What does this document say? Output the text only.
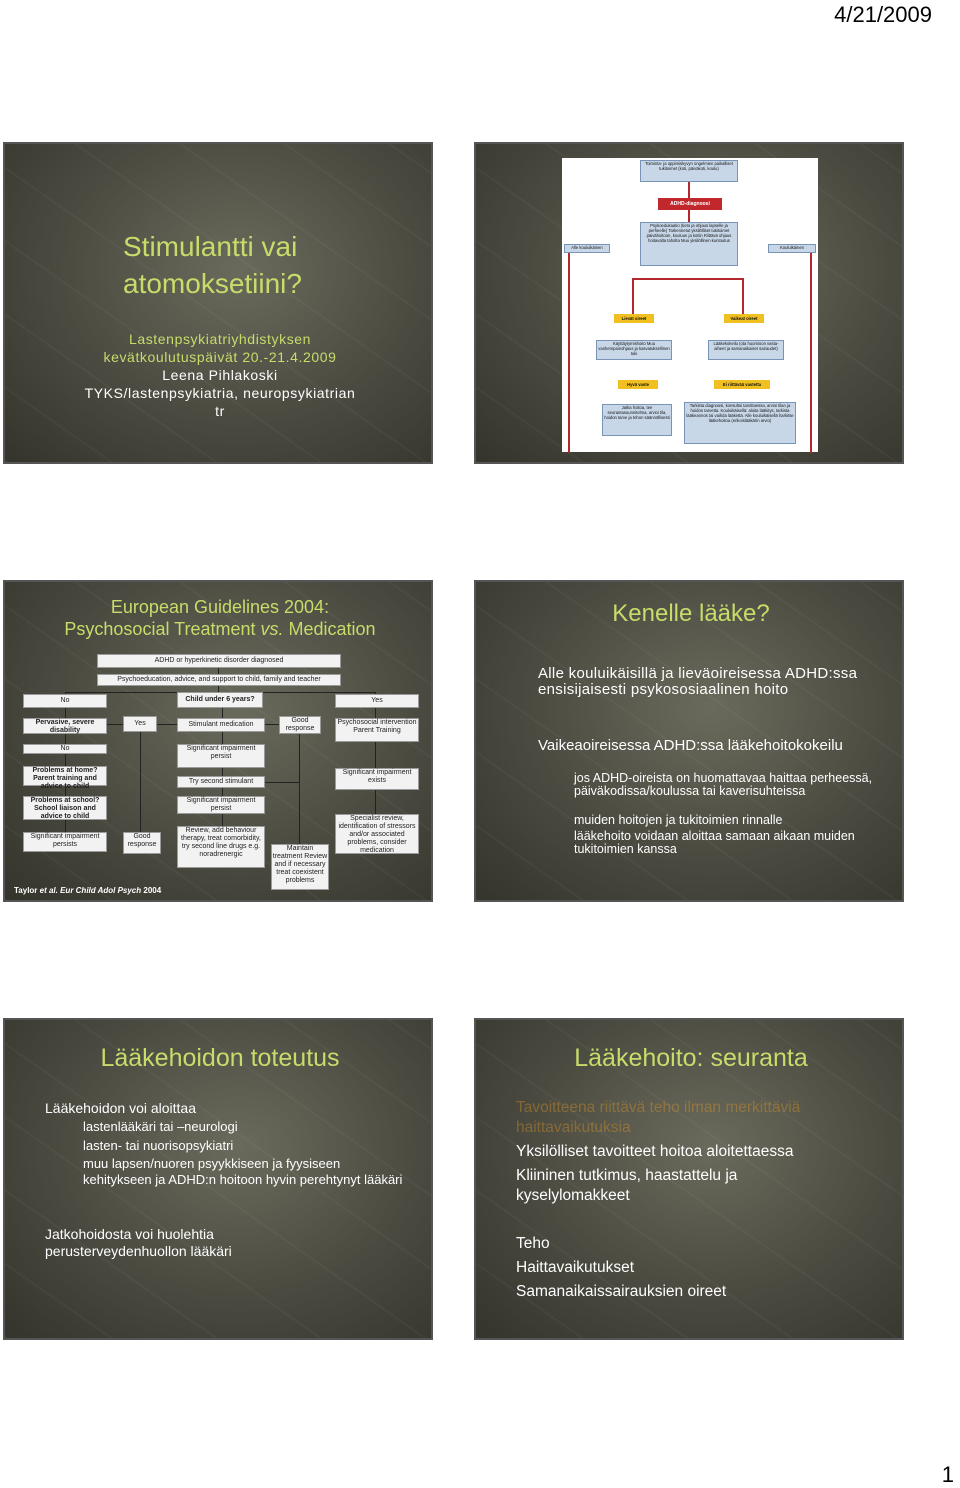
4/21/2009
Stimulantti vai atomoksetiini?
Lastenpsykiatriyhdistyksen
kevätkoulutuspäivät 20.-21.4.2009
Leena Pihlakoski
TYKS/lastenpsykiatria, neuropsykiatrian
tr
Toiminta- ja oppimiskyvyn ongelmien paikalliset tukitoimet (koti, päiväkoti, koulu)
ADHD-diagnoosi
Psykoedukaatio (tieto ja ohjaus lapselle ja perheelle) Tarkennetut yksilölliset tukitoimet päivähoitoon, kouluun ja kotiin Riittävä ohjaus hoitavalta taholta Muu yksilöllinen kuntoutus
Alle kouluikäinen	Kouluikäinen
Lievät oireet	Vaikeat oireet
Käyttäytymishoito Muu vanhempainohjaus ja kasvatuksellinen tuki
Lääkekokeilu (ota huomioon vasta-aiheet ja samanaikaiset sairaudet)
Hyvä vaste	Ei riittävää vastetta
Jatka hoitoa, tee seurantasuunnitelma, arvioi tila, hoidon tarve ja tehon säännöllisesti
Tarkista diagnoosi, konsultoi tarvittaessa, arvioi tilan ja hoidon tarvetta. Kouluikäisellä: aloita lääkitys, tarkista lääkeannos tai vaihda lääkettä. Alle kouluikäisellä harkitse lääkehoitoa (erikoislääkärin arvio)
European Guidelines 2004:
Psychosocial Treatment vs. Medication
ADHD or hyperkinetic disorder diagnosed
Psychoeducation, advice, and support to child, family and teacher
No	Child under 6 years?	Yes
Pervasive, severe disability
Yes	Stimulant medication
Good response
Psychosocial intervention Parent Training
No	Significant impairment persist
Significant impairment exists
Problems at home? Parent training and advice to child
Try second stimulant
Problems at school? School liaison and advice to child
Significant impairment persist
Specialist review, identification of stressors and/or associated problems, consider medication
Significant impairment persists
Good response
Review, add behaviour therapy, treat comorbidity, try second line drugs e.g. noradrenergic
Maintain treatment Review and if necessary treat coexistent problems
Taylor et al. Eur Child Adol Psych 2004
Kenelle lääke?
Alle kouluikäisillä ja lieväoireisessa ADHD:ssa ensisijaisesti psykososiaalinen hoito
Vaikeaoireisessa ADHD:ssa lääkehoitokokeilu
jos ADHD-oireista on huomattavaa haittaa perheessä, päiväkodissa/koulussa tai kaverisuhteissa
muiden hoitojen ja tukitoimien rinnalle
lääkehoito voidaan aloittaa samaan aikaan muiden tukitoimien kanssa
Lääkehoidon toteutus
Lääkehoidon voi aloittaa
lastenlääkäri tai –neurologi
lasten- tai nuorisopsykiatri
muu lapsen/nuoren psyykkiseen ja fyysiseen kehitykseen ja ADHD:n hoitoon hyvin perehtynyt lääkäri
Jatkohoidosta voi huolehtia perusterveydenhuollon lääkäri
Lääkehoito: seuranta
Tavoitteena riittävä teho ilman merkittäviä haittavaikutuksia
Yksilölliset tavoitteet hoitoa aloitettaessa
Kliininen tutkimus, haastattelu ja kyselylomakkeet
Teho
Haittavaikutukset
Samanaikaissairauksien oireet
1
